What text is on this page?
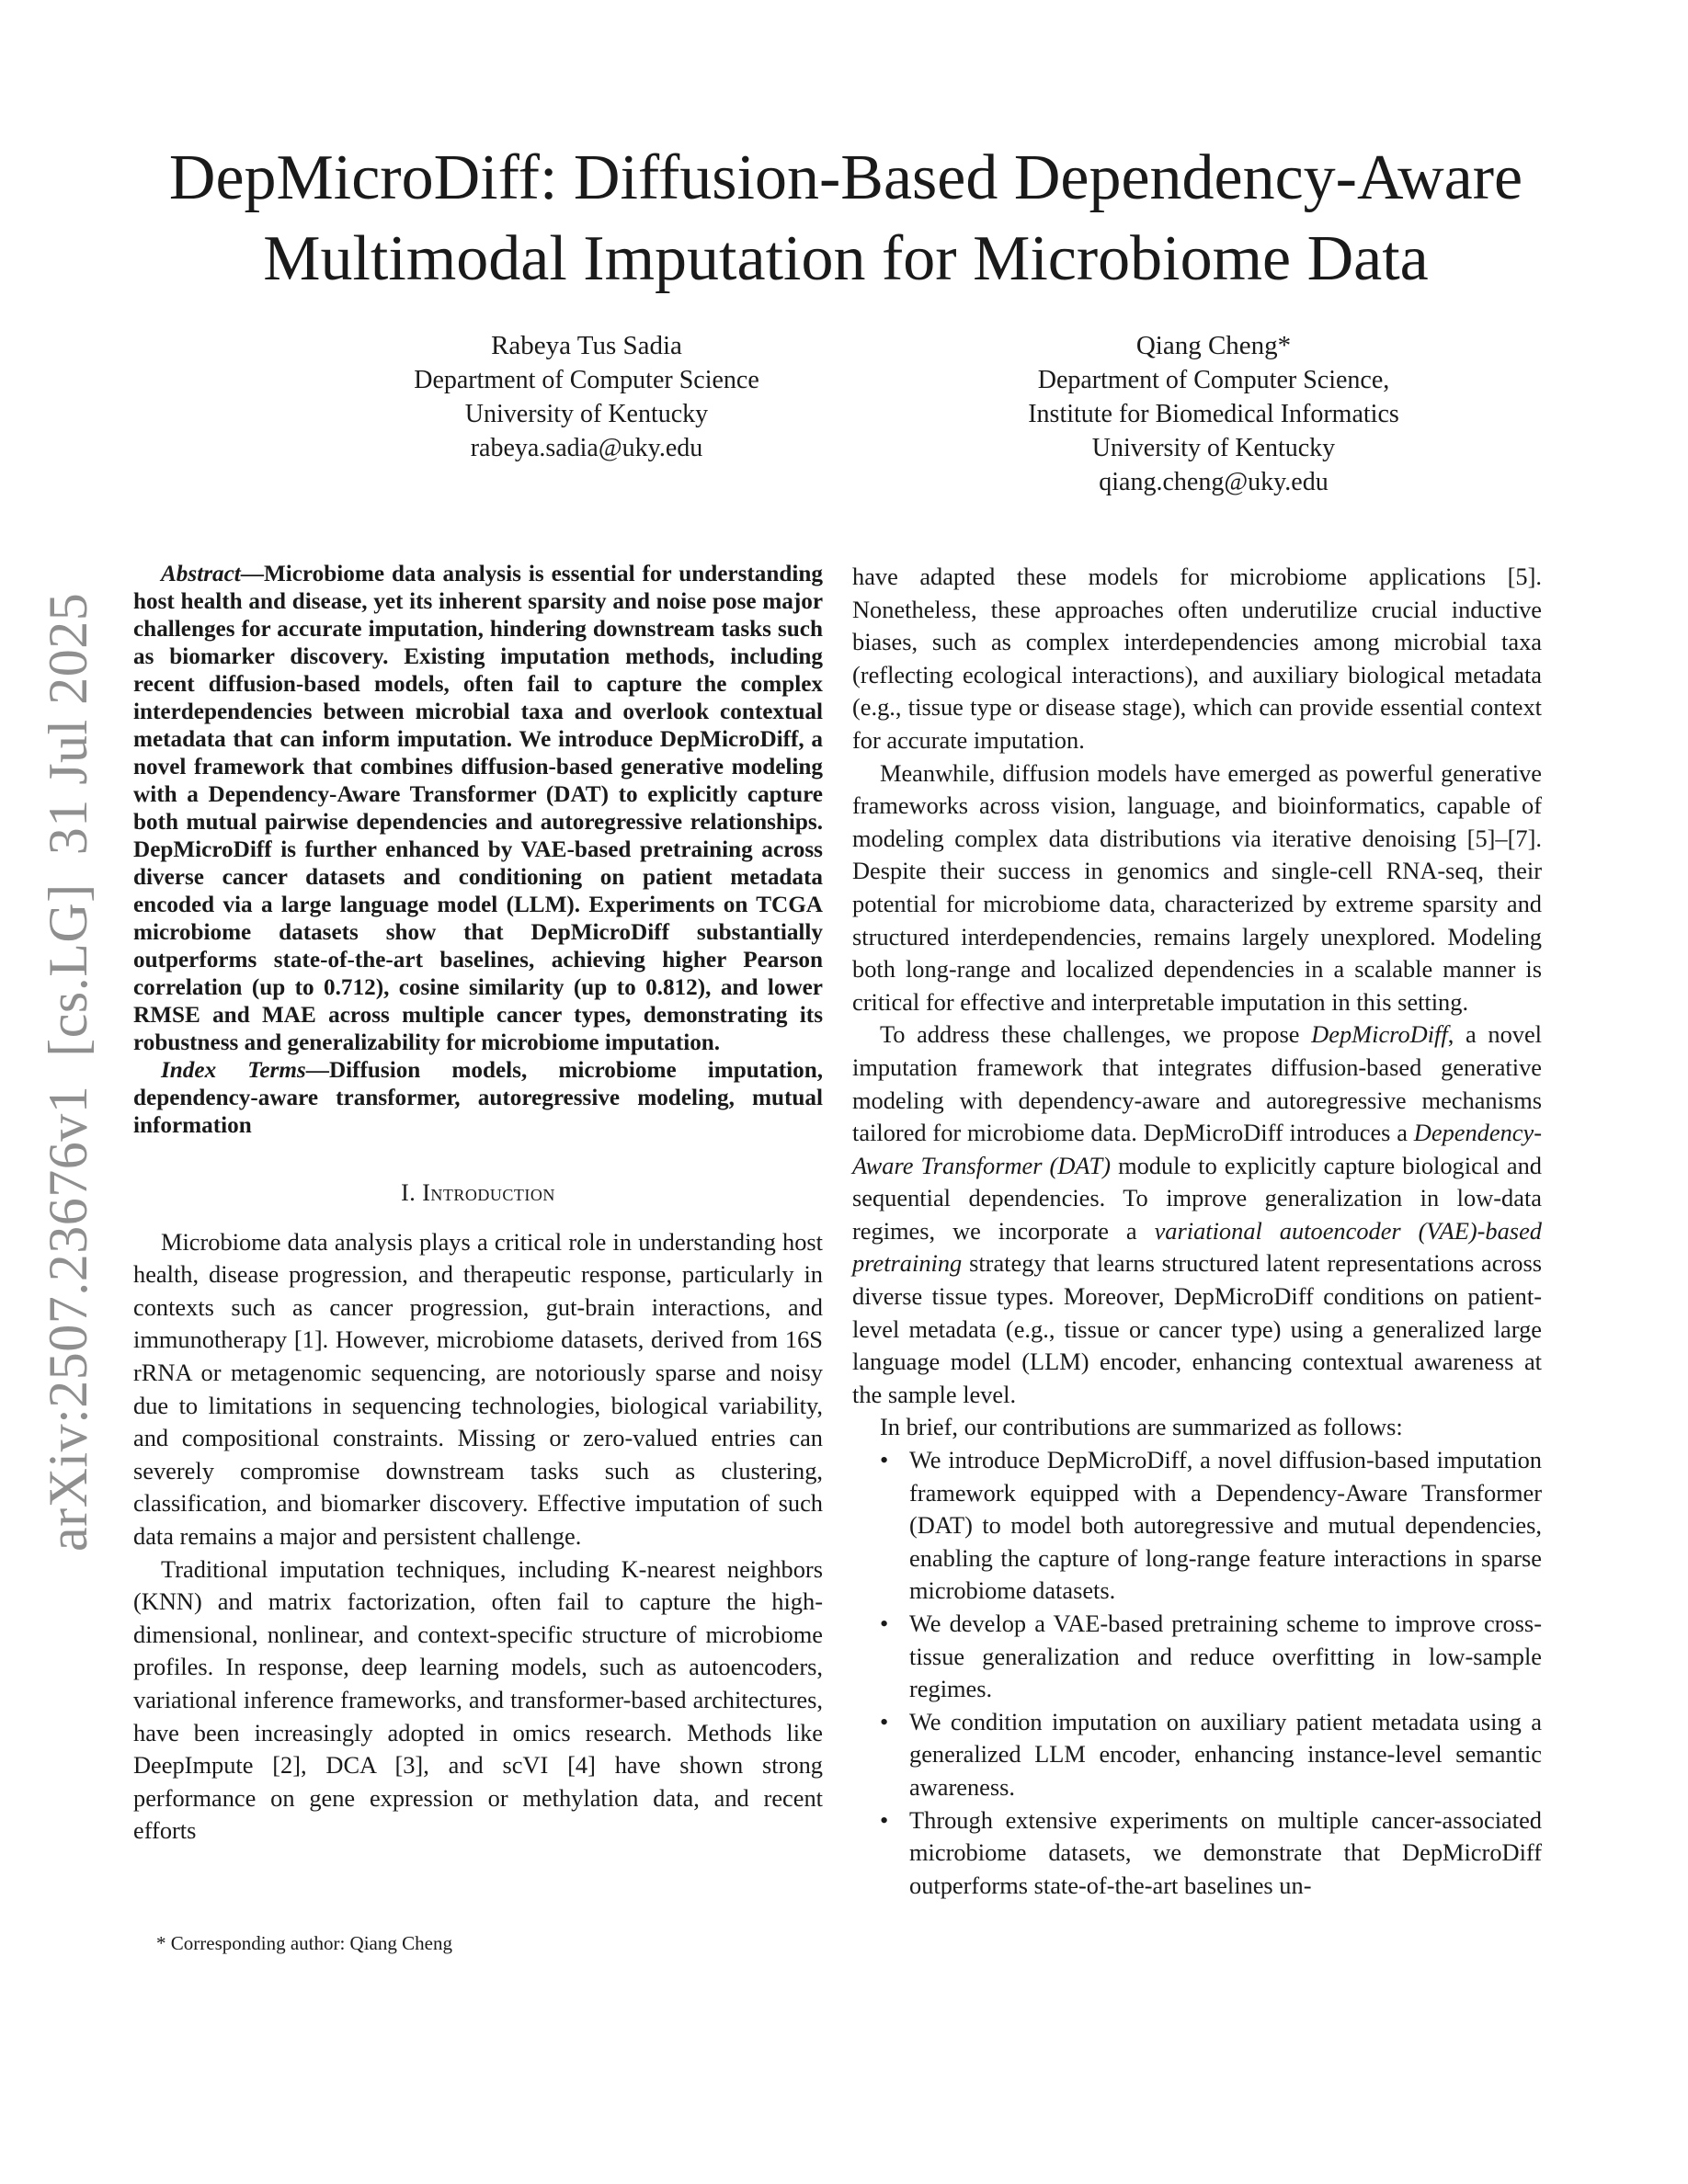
arXiv:2507.23676v1  [cs.LG]  31 Jul 2025
DepMicroDiff: Diffusion-Based Dependency-Aware
Multimodal Imputation for Microbiome Data
Rabeya Tus Sadia
Department of Computer Science
University of Kentucky
rabeya.sadia@uky.edu
Qiang Cheng*
Department of Computer Science,
Institute for Biomedical Informatics
University of Kentucky
qiang.cheng@uky.edu

Abstract—Microbiome data analysis is essential for understanding host health and disease, yet its inherent sparsity and noise pose major challenges for accurate imputation, hindering downstream tasks such as biomarker discovery. Existing imputation methods, including recent diffusion-based models, often fail to capture the complex interdependencies between microbial taxa and overlook contextual metadata that can inform imputation. We introduce DepMicroDiff, a novel framework that combines diffusion-based generative modeling with a Dependency-Aware Transformer (DAT) to explicitly capture both mutual pairwise dependencies and autoregressive relationships. DepMicroDiff is further enhanced by VAE-based pretraining across diverse cancer datasets and conditioning on patient metadata encoded via a large language model (LLM). Experiments on TCGA microbiome datasets show that DepMicroDiff substantially outperforms state-of-the-art baselines, achieving higher Pearson correlation (up to 0.712), cosine similarity (up to 0.812), and lower RMSE and MAE across multiple cancer types, demonstrating its robustness and generalizability for microbiome imputation.

Index Terms—Diffusion models, microbiome imputation, dependency-aware transformer, autoregressive modeling, mutual information

I. Introduction

Microbiome data analysis plays a critical role in understanding host health, disease progression, and therapeutic response, particularly in contexts such as cancer progression, gut-brain interactions, and immunotherapy [1]. However, microbiome datasets, derived from 16S rRNA or metagenomic sequencing, are notoriously sparse and noisy due to limitations in sequencing technologies, biological variability, and compositional constraints. Missing or zero-valued entries can severely compromise downstream tasks such as clustering, classification, and biomarker discovery. Effective imputation of such data remains a major and persistent challenge.

Traditional imputation techniques, including K-nearest neighbors (KNN) and matrix factorization, often fail to capture the high-dimensional, nonlinear, and context-specific structure of microbiome profiles. In response, deep learning models, such as autoencoders, variational inference frameworks, and transformer-based architectures, have been increasingly adopted in omics research. Methods like DeepImpute [2], DCA [3], and scVI [4] have shown strong performance on gene expression or methylation data, and recent efforts

* Corresponding author: Qiang Cheng

have adapted these models for microbiome applications [5]. Nonetheless, these approaches often underutilize crucial inductive biases, such as complex interdependencies among microbial taxa (reflecting ecological interactions), and auxiliary biological metadata (e.g., tissue type or disease stage), which can provide essential context for accurate imputation.

Meanwhile, diffusion models have emerged as powerful generative frameworks across vision, language, and bioinformatics, capable of modeling complex data distributions via iterative denoising [5]–[7]. Despite their success in genomics and single-cell RNA-seq, their potential for microbiome data, characterized by extreme sparsity and structured interdependencies, remains largely unexplored. Modeling both long-range and localized dependencies in a scalable manner is critical for effective and interpretable imputation in this setting.

To address these challenges, we propose DepMicroDiff, a novel imputation framework that integrates diffusion-based generative modeling with dependency-aware and autoregressive mechanisms tailored for microbiome data. DepMicroDiff introduces a Dependency-Aware Transformer (DAT) module to explicitly capture biological and sequential dependencies. To improve generalization in low-data regimes, we incorporate a variational autoencoder (VAE)-based pretraining strategy that learns structured latent representations across diverse tissue types. Moreover, DepMicroDiff conditions on patient-level metadata (e.g., tissue or cancer type) using a generalized large language model (LLM) encoder, enhancing contextual awareness at the sample level.

In brief, our contributions are summarized as follows:

• We introduce DepMicroDiff, a novel diffusion-based imputation framework equipped with a Dependency-Aware Transformer (DAT) to model both autoregressive and mutual dependencies, enabling the capture of long-range feature interactions in sparse microbiome datasets.
• We develop a VAE-based pretraining scheme to improve cross-tissue generalization and reduce overfitting in low-sample regimes.
• We condition imputation on auxiliary patient metadata using a generalized LLM encoder, enhancing instance-level semantic awareness.
• Through extensive experiments on multiple cancer-associated microbiome datasets, we demonstrate that DepMicroDiff outperforms state-of-the-art baselines un-
